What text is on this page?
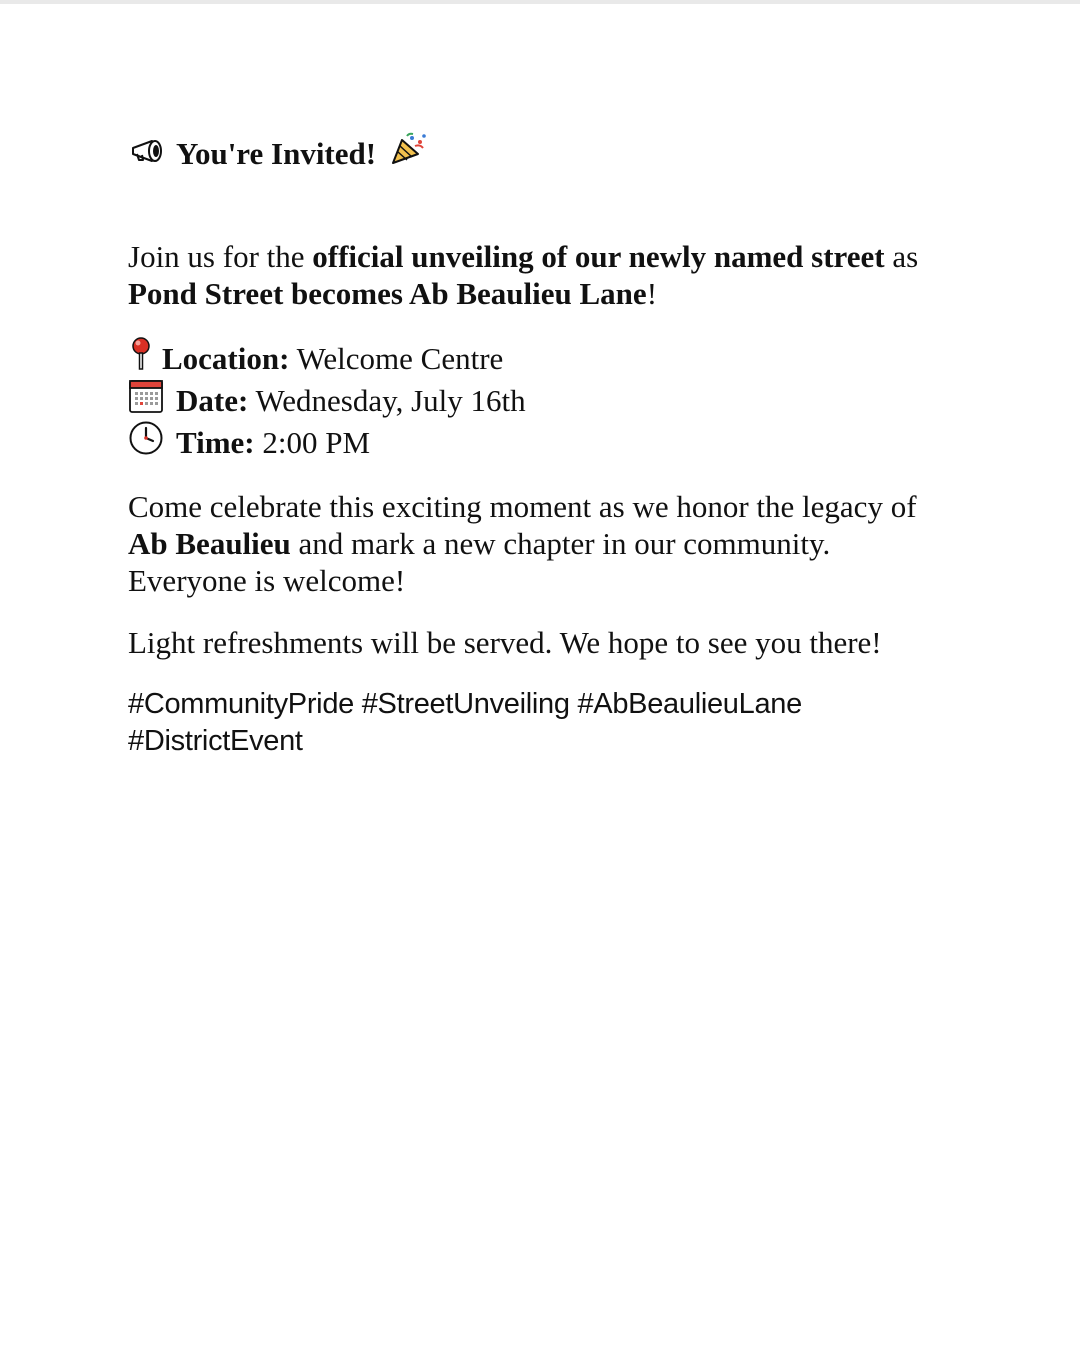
You're Invited!

Join us for the official unveiling of our newly named street as
Pond Street becomes Ab Beaulieu Lane!

Location: Welcome Centre
Date: Wednesday, July 16th
Time: 2:00 PM

Come celebrate this exciting moment as we honor the legacy of
Ab Beaulieu and mark a new chapter in our community.
Everyone is welcome!

Light refreshments will be served. We hope to see you there!

#CommunityPride #StreetUnveiling #AbBeaulieuLane
#DistrictEvent
